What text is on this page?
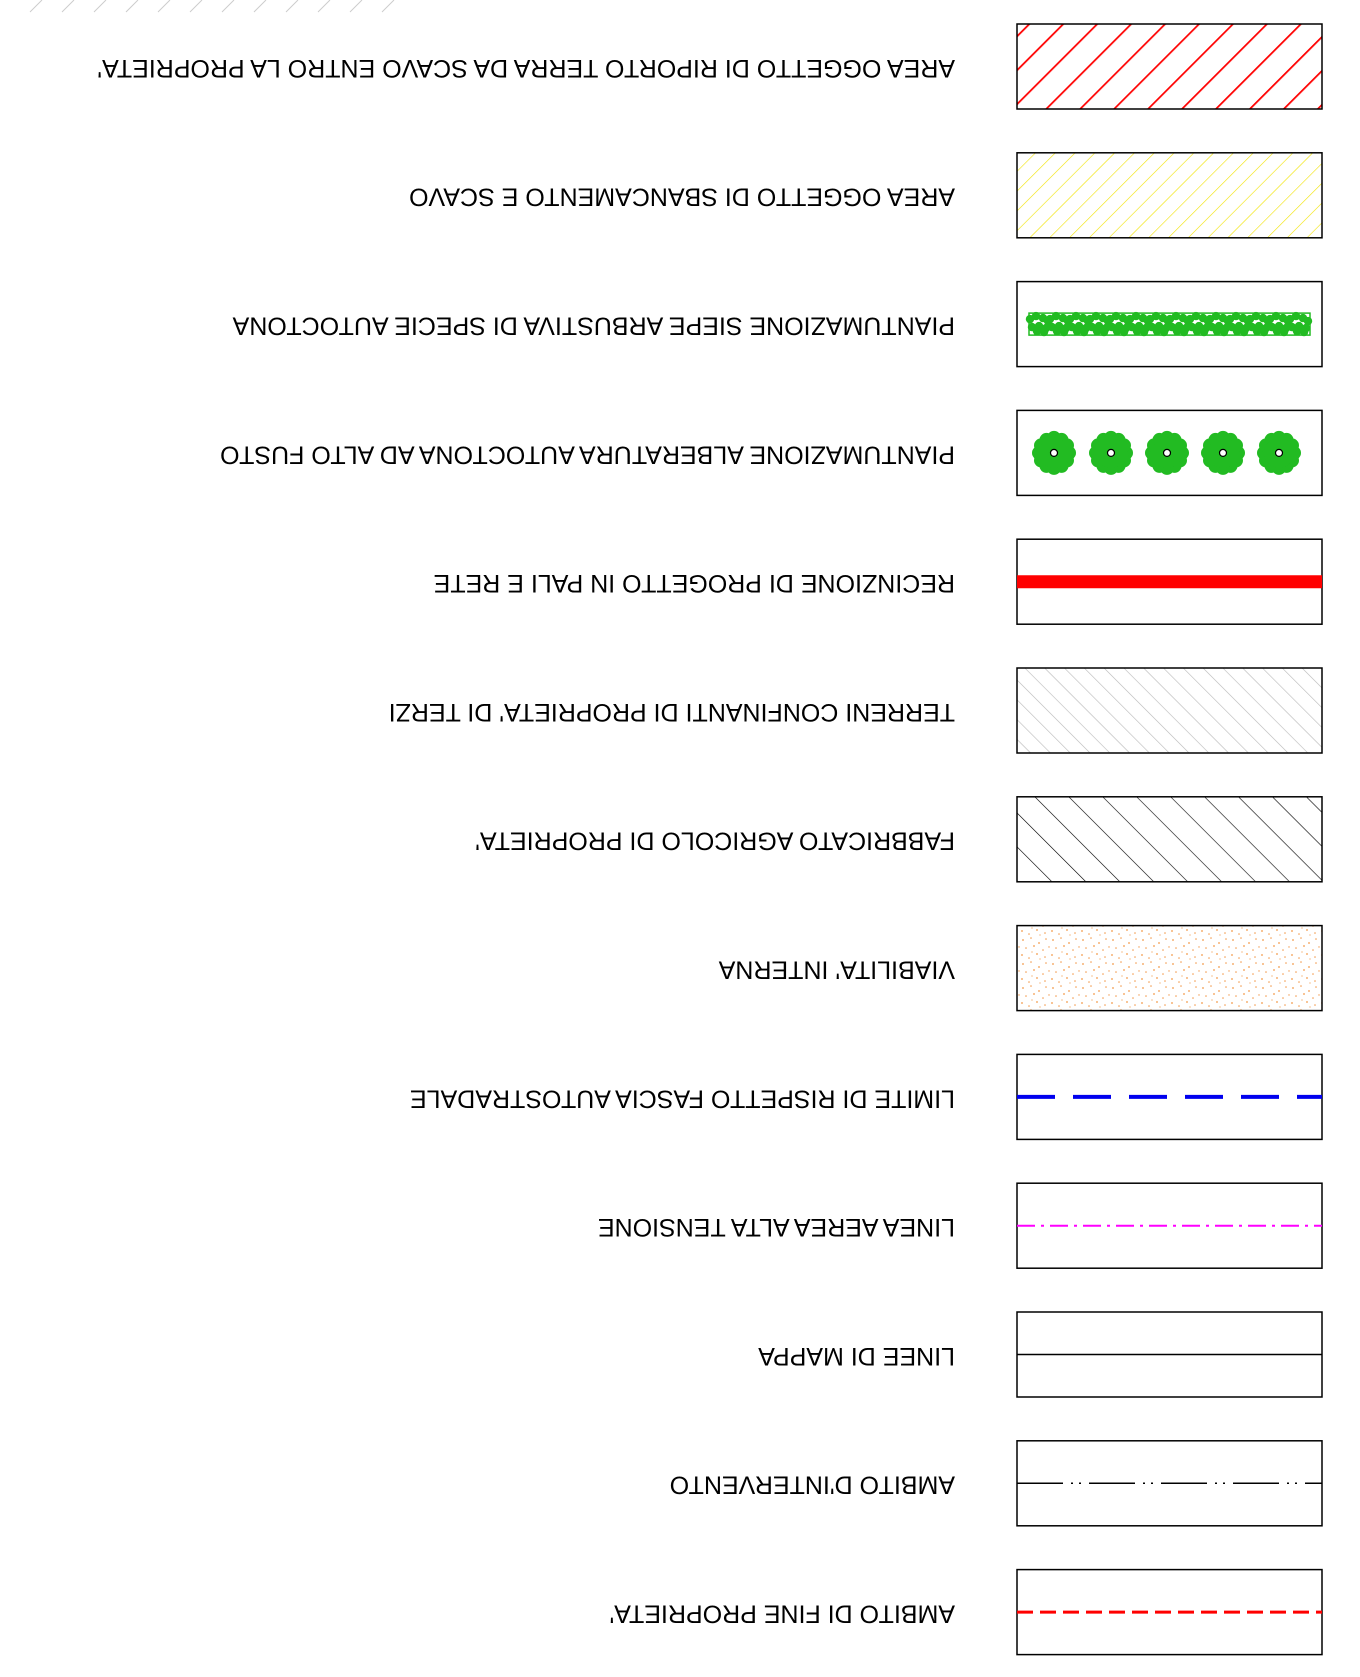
AREA OGGETTO DI RIPORTO TERRA DA SCAVO ENTRO LA PROPRIETA'
AREA OGGETTO DI SBANCAMENTO E SCAVO
PIANTUMAZIONE SIEPE ARBUSTIVA DI SPECIE AUTOCTONA
PIANTUMAZIONE ALBERATURA AUTOCTONA AD ALTO FUSTO
RECINZIONE DI PROGETTO IN PALI E RETE
TERRENI CONFINANTI DI PROPRIETA' DI TERZI
FABBRICATO AGRICOLO DI PROPRIETA'
VIABILITA' INTERNA
LIMITE DI RISPETTO FASCIA AUTOSTRADALE
LINEA AEREA ALTA TENSIONE
LINEE DI MAPPA
AMBITO D'INTERVENTO
AMBITO DI FINE PROPRIETA'
